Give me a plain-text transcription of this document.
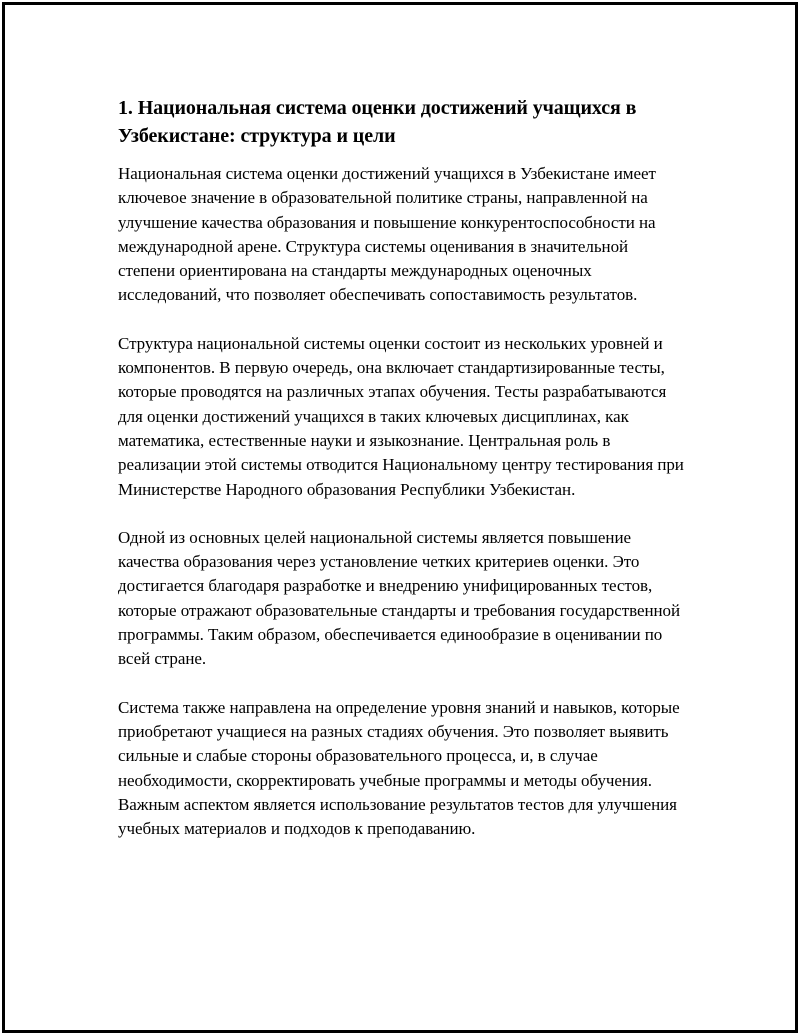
1. Национальная система оценки достижений учащихся в Узбекистане: структура и цели

Национальная система оценки достижений учащихся в Узбекистане имеет ключевое значение в образовательной политике страны, направленной на улучшение качества образования и повышение конкурентоспособности на международной арене. Структура системы оценивания в значительной степени ориентирована на стандарты международных оценочных исследований, что позволяет обеспечивать сопоставимость результатов.

Структура национальной системы оценки состоит из нескольких уровней и компонентов. В первую очередь, она включает стандартизированные тесты, которые проводятся на различных этапах обучения. Тесты разрабатываются для оценки достижений учащихся в таких ключевых дисциплинах, как математика, естественные науки и языкознание. Центральная роль в реализации этой системы отводится Национальному центру тестирования при Министерстве Народного образования Республики Узбекистан.

Одной из основных целей национальной системы является повышение качества образования через установление четких критериев оценки. Это достигается благодаря разработке и внедрению унифицированных тестов, которые отражают образовательные стандарты и требования государственной программы. Таким образом, обеспечивается единообразие в оценивании по всей стране.

Система также направлена на определение уровня знаний и навыков, которые приобретают учащиеся на разных стадиях обучения. Это позволяет выявить сильные и слабые стороны образовательного процесса, и, в случае необходимости, скорректировать учебные программы и методы обучения. Важным аспектом является использование результатов тестов для улучшения учебных материалов и подходов к преподаванию.
